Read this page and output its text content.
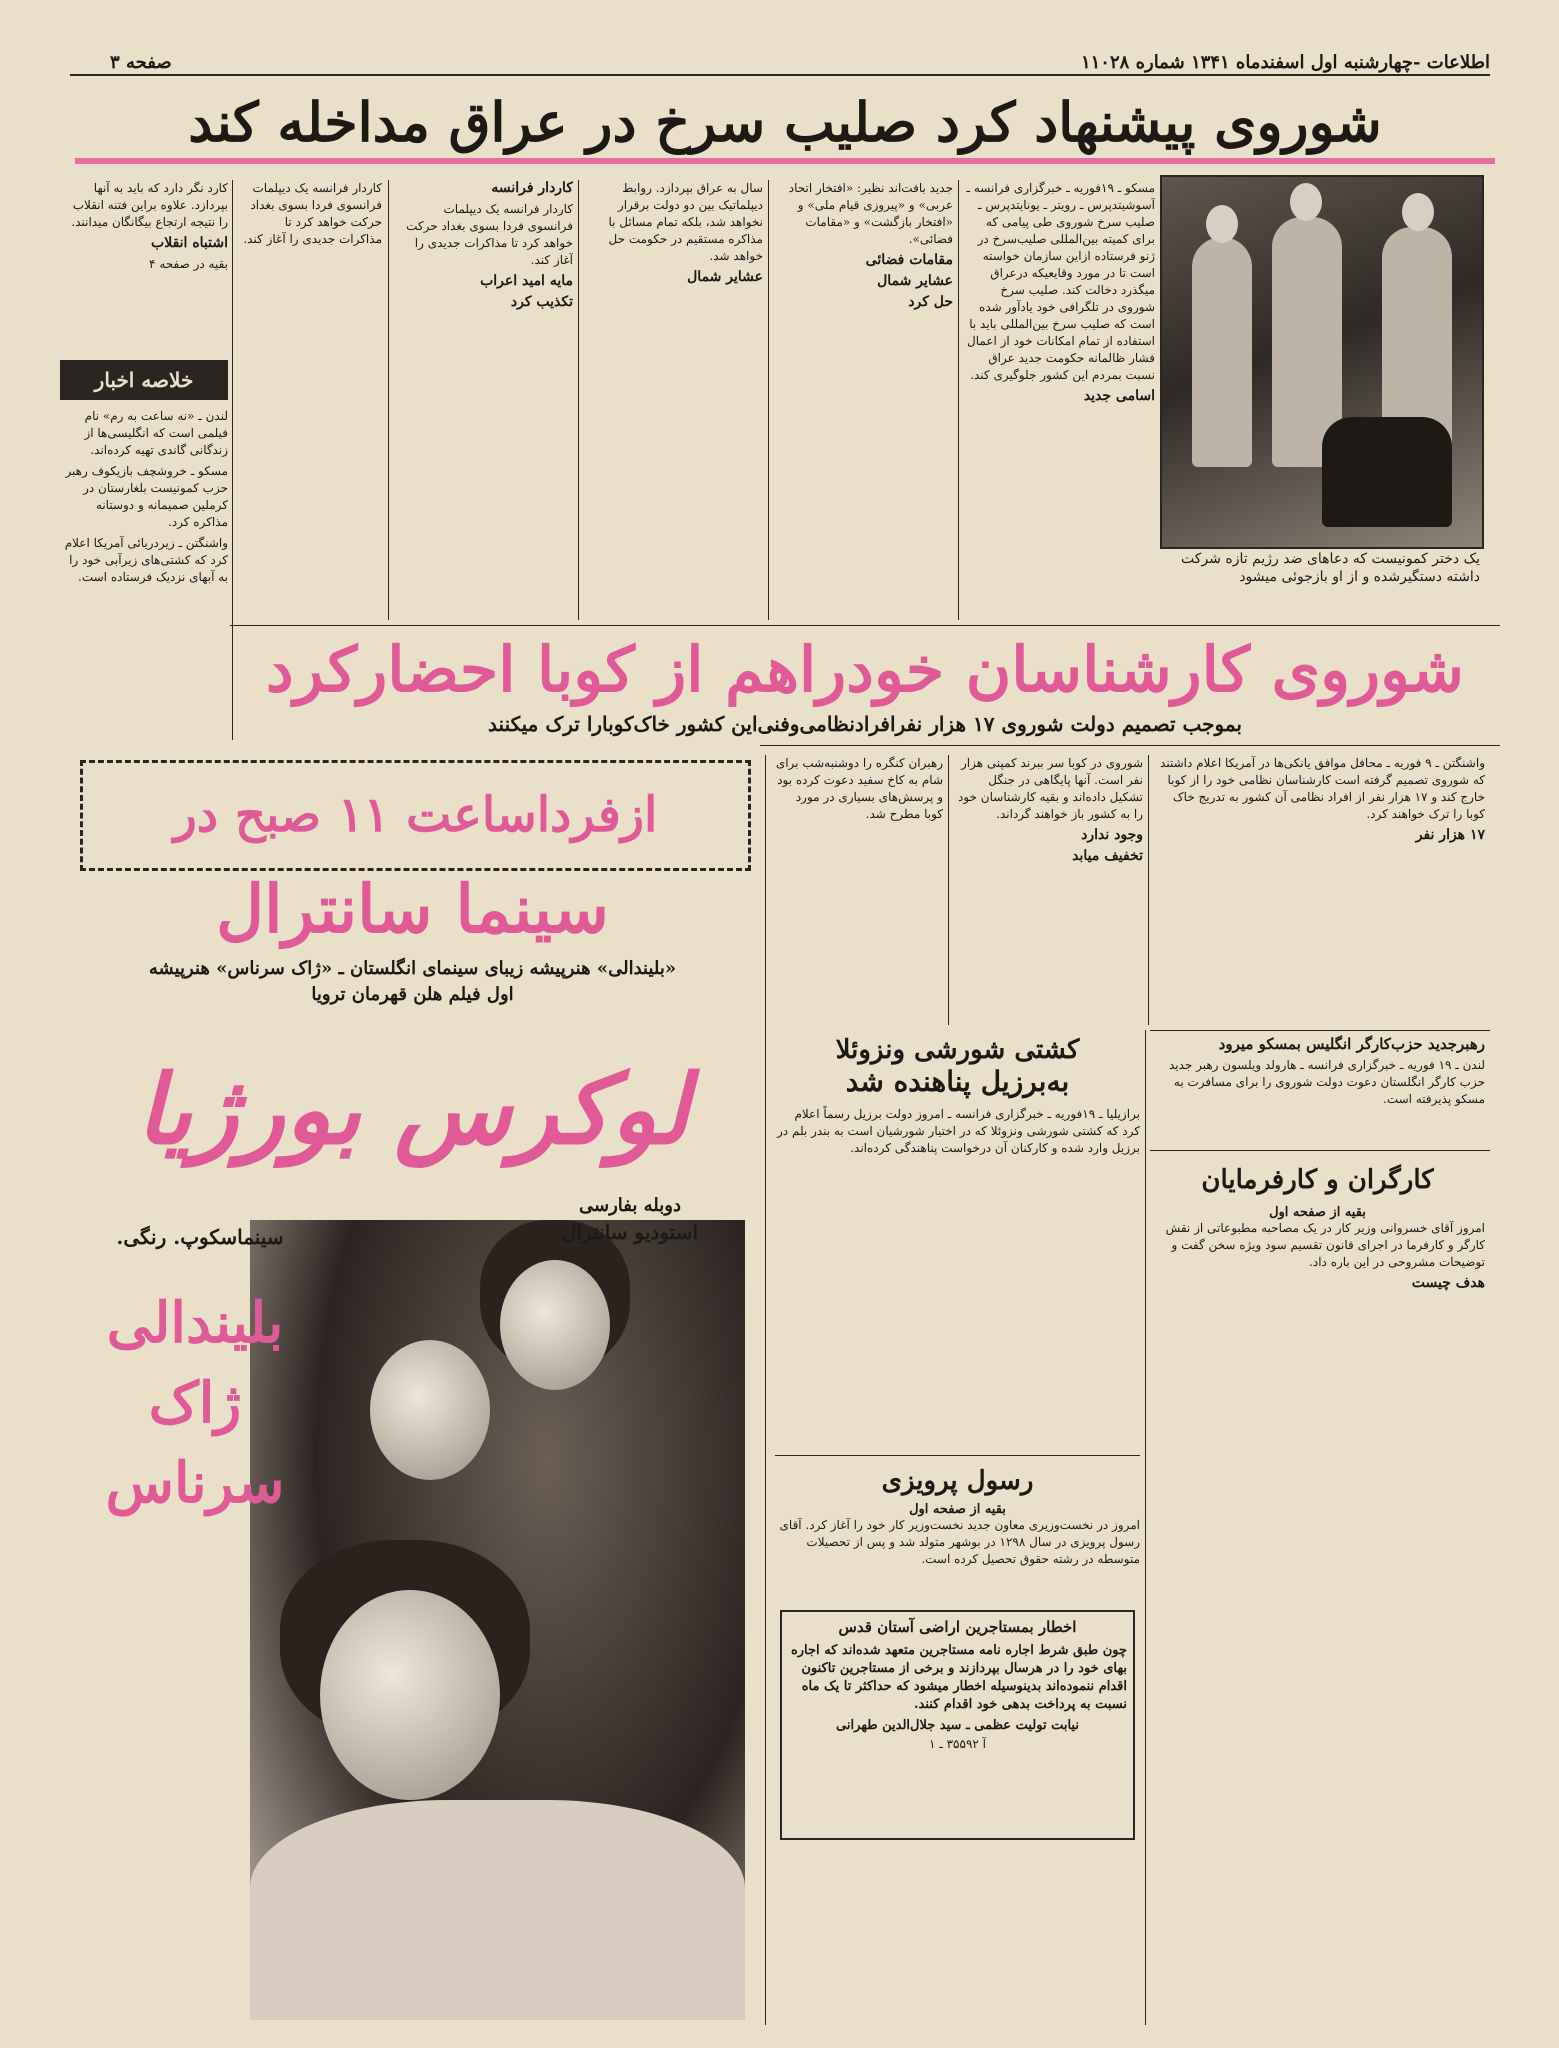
صفحه ۳	اطلاعات -چهارشنبه اول اسفندماه ۱۳۴۱ شماره ۱۱۰۲۸
شوروی پیشنهاد کرد صلیب سرخ در عراق مداخله کند
یک دختر کمونیست که دعاهای ضد رژیم تازه شرکت داشته دستگیرشده و از او بازجوئی میشود

مسکو ـ ۱۹فوریه ـ خبرگزاری فرانسه ـ آسوشیتدپرس ـ رویتر ـ یونایتدپرس ـ صلیب سرخ شوروی طی پیامی که برای کمیته بین‌المللی صلیب‌سرخ در ژنو فرستاده ازاین سازمان خواسته است تا در مورد وقایعیکه درعراق میگذرد دخالت کند. صلیب سرخ شوروی در تلگرافی خود یادآور شده است که صلیب سرخ بین‌المللی باید با استفاده از تمام امکانات خود از اعمال فشار ظالمانه حکومت جدید عراق نسبت بمردم این کشور جلوگیری کند.

اسامی جدید

جدید بافت‌اند نظیر: «افتخار اتحاد عربی» و «پیروزی قیام ملی» و «افتخار بازگشت» و «مقامات فضائی».

مقامات فضائی

عشایر شمال

حل کرد

سال به عراق بپردازد. روابط دیپلماتیک بین دو دولت برقرار نخواهد شد، بلکه تمام مسائل با مذاکره مستقیم در حکومت حل خواهد شد.

عشایر شمال

کاردار فرانسه

کاردار فرانسه یک دیپلمات فرانسوی فردا بسوی بغداد حرکت خواهد کرد تا مذاکرات جدیدی را آغاز کند.

مایه امید اعراب

تکذیب کرد

کاردار فرانسه یک دیپلمات فرانسوی فردا بسوی بغداد حرکت خواهد کرد تا مذاکرات جدیدی را آغاز کند.

کارد نگر دارد که باید به آنها بپردازد. علاوه براین فتنه انقلاب را نتیجه ارتجاع بیگانگان میدانند.

اشتباه انقلاب

بقیه در صفحه ۴

خلاصه اخبار

لندن ـ «نه ساعت به رم» نام فیلمی است که انگلیسی‌ها از زندگانی گاندی تهیه کرده‌اند.

مسکو ـ خروشچف بازیکوف رهبر حزب کمونیست بلغارستان در کرملین صمیمانه و دوستانه مذاکره کرد.

واشنگتن ـ زیردریائی آمریکا اعلام کرد که کشتی‌های زیرآبی خود را به آبهای نزدیک فرستاده است.

شوروی کارشناسان خودراهم از کوبا احضارکرد
بموجب تصمیم دولت شوروی ۱۷ هزار نفرافرادنظامی‌وفنی‌این کشور خاک‌کوبارا ترک میکنند

واشنگتن ـ ۹ فوریه ـ محافل موافق یانکی‌ها در آمریکا اعلام داشتند که شوروی تصمیم گرفته است کارشناسان نظامی خود را از کوبا خارج کند و ۱۷ هزار نفر از افراد نظامی آن کشور به تدریج خاک کوبا را ترک خواهند کرد.

۱۷ هزار نفر

شوروی در کوبا سر ببرند کمپنی هزار نفر است. آنها پایگاهی در جنگل تشکیل داده‌اند و بقیه کارشناسان خود را به کشور باز خواهند گرداند.

وجود ندارد

تخفیف میابد

رهبران کنگره را دوشنبه‌شب برای شام به کاخ سفید دعوت کرده بود و پرسش‌های بسیاری در مورد کوبا مطرح شد.

رهبرجدید حزب‌کارگر انگلیس بمسکو میرود

لندن ـ ۱۹ فوریه ـ خبرگزاری فرانسه ـ هارولد ویلسون رهبر جدید حزب کارگر انگلستان دعوت دولت شوروی را برای مسافرت به مسکو پذیرفته است.

کارگران و کارفرمایان
بقیه از صفحه اول

امروز آقای خسروانی وزیر کار در یک مصاحبه مطبوعاتی از نقش کارگر و کارفرما در اجرای قانون تقسیم سود ویژه سخن گفت و توضیحات مشروحی در این باره داد.

هدف چیست

کشتی شورشی ونزوئلا
به‌برزیل پناهنده شد

برازیلیا ـ ۱۹فوریه ـ خبرگزاری فرانسه ـ امروز دولت برزیل رسماً اعلام کرد که کشتی شورشی ونزوئلا که در اختیار شورشیان است به بندر بلم در برزیل وارد شده و کارکنان آن درخواست پناهندگی کرده‌اند.

رسول پرویزی
بقیه از صفحه اول

امروز در نخست‌وزیری معاون جدید نخست‌وزیر کار خود را آغاز کرد. آقای رسول پرویزی در سال ۱۲۹۸ در بوشهر متولد شد و پس از تحصیلات متوسطه در رشته حقوق تحصیل کرده است.

اخطار بمستاجرین اراضی آستان قدس

چون طبق شرط اجاره نامه مستاجرین متعهد شده‌اند که اجاره بهای خود را در هرسال بپردازند و برخی از مستاجرین تاکنون اقدام ننموده‌اند بدینوسیله اخطار میشود که حداکثر تا یک ماه نسبت به پرداخت بدهی خود اقدام کنند.

نیابت تولیت عظمی ـ سید جلال‌الدین طهرانی

آ ۳۵۵۹۲ ـ ۱

ازفرداساعت ۱۱ صبح در
سینما سانترال
«بلیندالی» هنرپیشه زیبای سینمای انگلستان ـ «ژاک سرناس» هنرپیشه
اول فیلم هلن قهرمان ترویا
لوکرس بورژیا
دوبله بفارسی
استودیو سانترال
سینماسکوپ. رنگی.
بلیندالی
ژاک
سرناس
